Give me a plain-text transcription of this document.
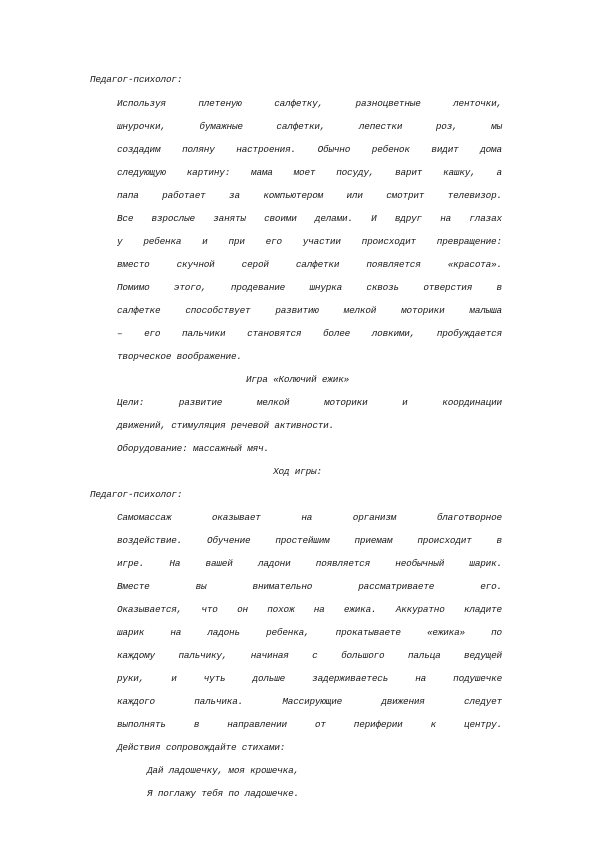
Педагог-психолог:
Используя	плетеную	салфетку,	разноцветные	ленточки,
шнурочки,	бумажные	салфетки,	лепестки	роз,	мы
создадим поляну настроения. Обычно ребенок видит дома
следующую картину: мама моет посуду, варит кашку, а
папа работает за компьютером или смотрит телевизор.
Все взрослые заняты своими делами. И вдруг на глазах
у ребенка и при его участии происходит превращение:
вместо	скучной	серой	салфетки	появляется	«красота».
Помимо	этого,	продевание	шнурка	сквозь	отверстия	в
салфетке	способствует	развитию	мелкой	моторики	малыша
– его пальчики становятся более ловкими, пробуждается
творческое воображение.
Игра «Колючий ежик»
Цели:	развитие	мелкой	моторики	и	координации
движений, стимуляция речевой активности.
Оборудование: массажный мяч.
Ход игры:
Педагог-психолог:
Самомассаж	оказывает	на	организм	благотворное
воздействие.	Обучение	простейшим	приемам	происходит	в
игре.	На	вашей	ладони	появляется	необычный	шарик.
Вместе	вы	внимательно	рассматриваете	его.
Оказывается, что он похож на ежика. Аккуратно кладите
шарик	на	ладонь	ребенка,	прокатываете	«ежика»	по
каждому пальчику, начиная с большого пальца ведущей
руки,	и	чуть	дольше	задерживаетесь	на	подушечке
каждого	пальчика.	Массирующие	движения	следует
выполнять	в	направлении	от	периферии	к	центру.
Действия сопровождайте стихами:
Дай ладошечку, моя крошечка,
Я поглажу тебя по ладошечке.
